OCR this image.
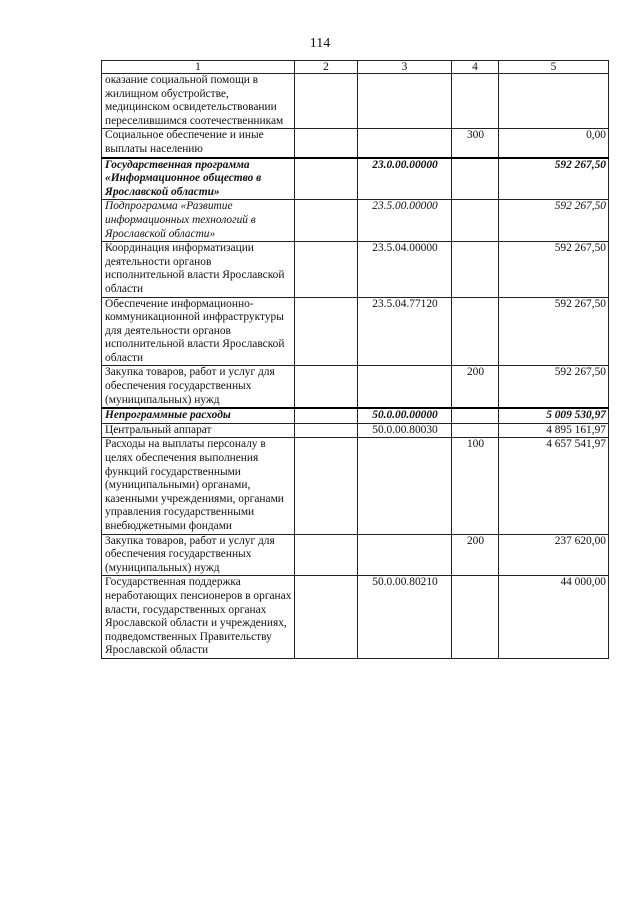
114
1	2	3	4	5
оказание социальной помощи в жилищном обустройстве, медицинском освидетельствовании переселившимся соотечественникам				
Социальное обеспечение и иные выплаты населению			300	0,00
Государственная программа «Информационное общество в Ярославской области»		23.0.00.00000		592 267,50
Подпрограмма «Развитие информационных технологий в Ярославской области»		23.5.00.00000		592 267,50
Координация информатизации деятельности органов исполнительной власти Ярославской области		23.5.04.00000		592 267,50
Обеспечение информационно-коммуникационной инфраструктуры для деятельности органов исполнительной власти Ярославской области		23.5.04.77120		592 267,50
Закупка товаров, работ и услуг для обеспечения государственных (муниципальных) нужд			200	592 267,50
Непрограммные расходы		50.0.00.00000		5 009 530,97
Центральный аппарат		50.0.00.80030		4 895 161,97
Расходы на выплаты персоналу в целях обеспечения выполнения функций государственными (муниципальными) органами, казенными учреждениями, органами управления государственными внебюджетными фондами			100	4 657 541,97
Закупка товаров, работ и услуг для обеспечения государственных (муниципальных) нужд			200	237 620,00
Государственная поддержка неработающих пенсионеров в органах власти, государственных органах Ярославской области и учреждениях, подведомственных Правительству Ярославской области		50.0.00.80210		44 000,00
